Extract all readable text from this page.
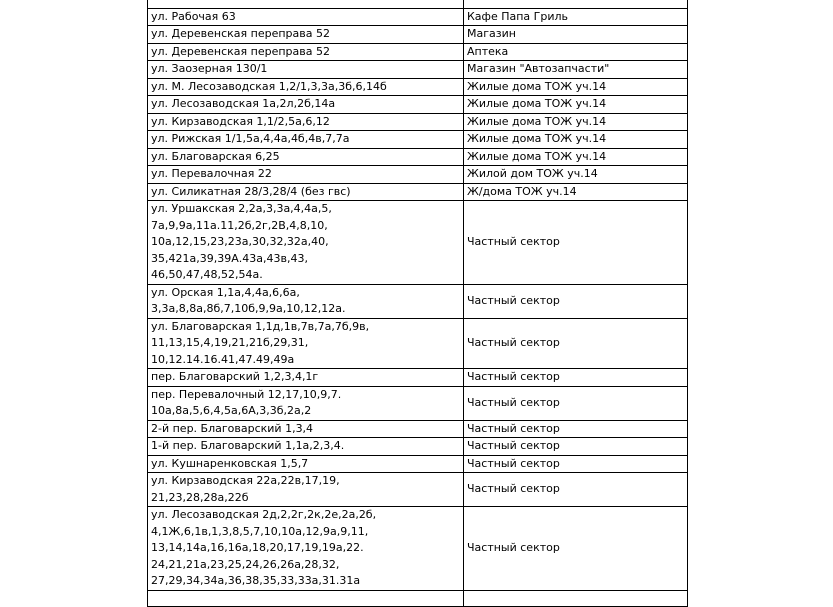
ул. Рабочая 63	Кафе Папа Гриль
ул. Деревенская переправа 52	Магазин
ул. Деревенская переправа 52	Аптека
ул. Заозерная 130/1	Магазин "Автозапчасти"
ул. М. Лесозаводская 1,2/1,3,3а,3б,6,14б	Жилые дома ТОЖ уч.14
ул. Лесозаводская 1а,2л,2б,14а	Жилые дома ТОЖ уч.14
ул. Кирзаводская 1,1/2,5а,6,12	Жилые дома ТОЖ уч.14
ул. Рижская 1/1,5а,4,4а,4б,4в,7,7а	Жилые дома ТОЖ уч.14
ул. Благоварская 6,25	Жилые дома ТОЖ уч.14
ул. Перевалочная 22	Жилой дом ТОЖ уч.14
ул. Силикатная 28/3,28/4 (без гвс)	Ж/дома ТОЖ уч.14
ул. Уршакская 2,2а,3,3а,4,4а,5,
7а,9,9а,11а.11,2б,2г,2В,4,8,10,
10а,12,15,23,23а,30,32,32а,40,
35,421а,39,39А.43а,43в,43,
46,50,47,48,52,54а.	Частный сектор
ул. Орская 1,1а,4,4а,6,6а,
3,3а,8,8а,8б,7,10б,9,9а,10,12,12а.	Частный сектор
ул. Благоварская 1,1д,1в,7в,7а,7б,9в,
11,13,15,4,19,21,21б,29,31,
10,12.14.16.41,47.49,49а	Частный сектор
пер. Благоварский 1,2,3,4,1г	Частный сектор
пер. Перевалочный 12,17,10,9,7.
10а,8а,5,6,4,5а,6А,3,3б,2а,2	Частный сектор
2-й пер. Благоварский 1,3,4	Частный сектор
1-й пер. Благоварский 1,1а,2,3,4.	Частный сектор
ул. Кушнаренковская 1,5,7	Частный сектор
ул. Кирзаводская 22а,22в,17,19,
21,23,28,28а,22б	Частный сектор
ул. Лесозаводская 2д,2,2г,2к,2е,2а,2б,
4,1Ж,6,1в,1,3,8,5,7,10,10а,12,9а,9,11,
13,14,14а,16,16а,18,20,17,19,19а,22.
24,21,21а,23,25,24,26,26а,28,32,
27,29,34,34а,36,38,35,33,33а,31.31а	Частный сектор
